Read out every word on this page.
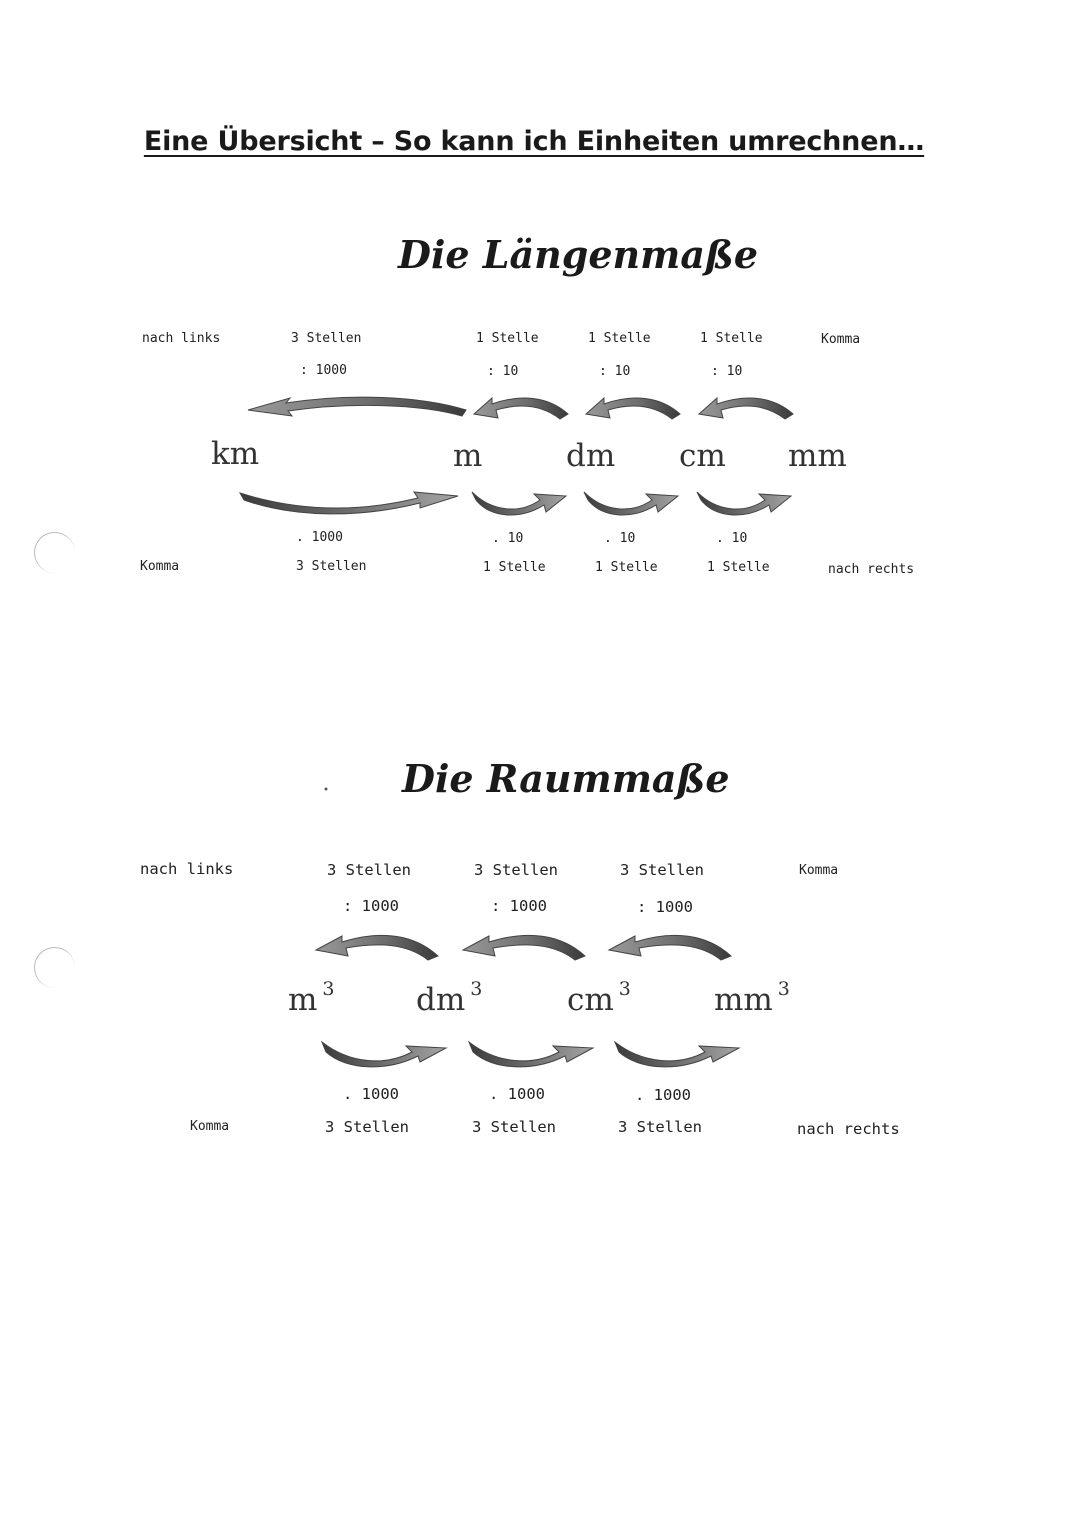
Eine Übersicht – So kann ich Einheiten umrechnen…
Die Längenmaße
nach links	3 Stellen	1 Stelle	1 Stelle	1 Stelle	Komma
: 1000	: 10	: 10	: 10
km	m	dm cm mm
. 1000	. 10	. 10	. 10
Komma	3 Stellen	1 Stelle	1 Stelle	1 Stelle	nach rechts
Die Raummaße
nach links	3 Stellen	3 Stellen	3 Stellen	Komma
: 1000	: 1000	: 1000
m $^3$	dm $^3$	cm $^3$	mm $^3$
. 1000	. 1000	. 1000
Komma	3 Stellen	3 Stellen	3 Stellen	nach rechts
